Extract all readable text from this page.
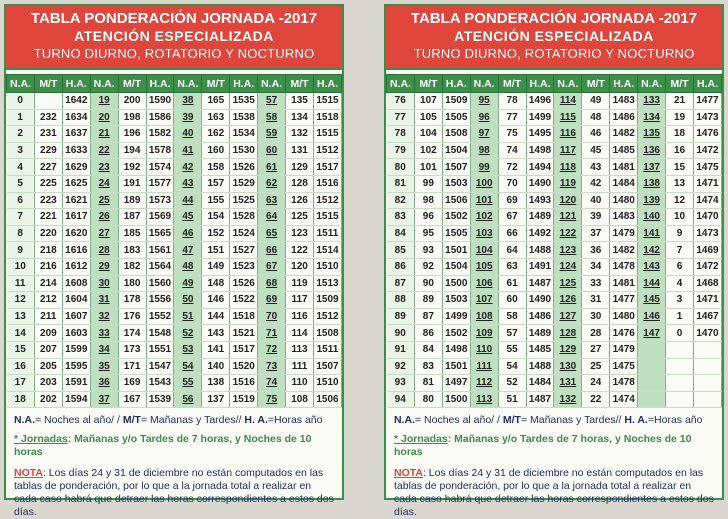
TABLA PONDERACIÓN JORNADA -2017
ATENCIÓN ESPECIALIZADA
TURNO DIURNO, ROTATORIO Y NOCTURNO
N.A.	M/T	H.A.	N.A.	M/T	H.A.	N.A.	M/T	H.A.	N.A.	M/T	H.A.
0		1642	19	200	1590	38	165	1535	57	135	1515
1	232	1634	20	198	1586	39	163	1538	58	134	1518
2	231	1637	21	196	1582	40	162	1534	59	132	1515
3	229	1633	22	194	1578	41	160	1530	60	131	1512
4	227	1629	23	192	1574	42	158	1526	61	129	1517
5	225	1625	24	191	1577	43	157	1529	62	128	1516
6	223	1621	25	189	1573	44	155	1525	63	126	1512
7	221	1617	26	187	1569	45	154	1528	64	125	1515
8	220	1620	27	185	1565	46	152	1524	65	123	1511
9	218	1616	28	183	1561	47	151	1527	66	122	1514
10	216	1612	29	182	1564	48	149	1523	67	120	1510
11	214	1608	30	180	1560	49	148	1526	68	119	1513
12	212	1604	31	178	1556	50	146	1522	69	117	1509
13	211	1607	32	176	1552	51	144	1518	70	116	1512
14	209	1603	33	174	1548	52	143	1521	71	114	1508
15	207	1599	34	173	1551	53	141	1517	72	113	1511
16	205	1595	35	171	1547	54	140	1520	73	111	1507
17	203	1591	36	169	1543	55	138	1516	74	110	1510
18	202	1594	37	167	1539	56	137	1519	75	108	1506
N.A.= Noches al año/ / M/T= Mañanas y Tardes// H. A.=Horas año
* Jornadas: Mañanas y/o Tardes de 7 horas, y Noches de 10 horas
NOTA: Los días 24 y 31 de diciembre no están computados en las tablas de ponderación, por lo que a la jornada total a realizar en cada caso habrá que detraer las horas correspondientes a estos dos días.
TABLA PONDERACIÓN JORNADA -2017
ATENCIÓN ESPECIALIZADA
TURNO DIURNO, ROTATORIO Y NOCTURNO
N.A.	M/T	H.A.	N.A.	M/T	H.A.	N.A.	M/T	H.A.	N.A.	M/T	H.A.
76	107	1509	95	78	1496	114	49	1483	133	21	1477
77	105	1505	96	77	1499	115	48	1486	134	19	1473
78	104	1508	97	75	1495	116	46	1482	135	18	1476
79	102	1504	98	74	1498	117	45	1485	136	16	1472
80	101	1507	99	72	1494	118	43	1481	137	15	1475
81	99	1503	100	70	1490	119	42	1484	138	13	1471
82	98	1506	101	69	1493	120	40	1480	139	12	1474
83	96	1502	102	67	1489	121	39	1483	140	10	1470
84	95	1505	103	66	1492	122	37	1479	141	9	1473
85	93	1501	104	64	1488	123	36	1482	142	7	1469
86	92	1504	105	63	1491	124	34	1478	143	6	1472
87	90	1500	106	61	1487	125	33	1481	144	4	1468
88	89	1503	107	60	1490	126	31	1477	145	3	1471
89	87	1499	108	58	1486	127	30	1480	146	1	1467
90	86	1502	109	57	1489	128	28	1476	147	0	1470
91	84	1498	110	55	1485	129	27	1479			
92	83	1501	111	54	1488	130	25	1475			
93	81	1497	112	52	1484	131	24	1478			
94	80	1500	113	51	1487	132	22	1474			
N.A.= Noches al año/ / M/T= Mañanas y Tardes// H. A.=Horas año
* Jornadas: Mañanas y/o Tardes de 7 horas, y Noches de 10 horas
NOTA: Los días 24 y 31 de diciembre no están computados en las tablas de ponderación, por lo que a la jornada total a realizar en cada caso habrá que detraer las horas correspondientes a estos dos días.
